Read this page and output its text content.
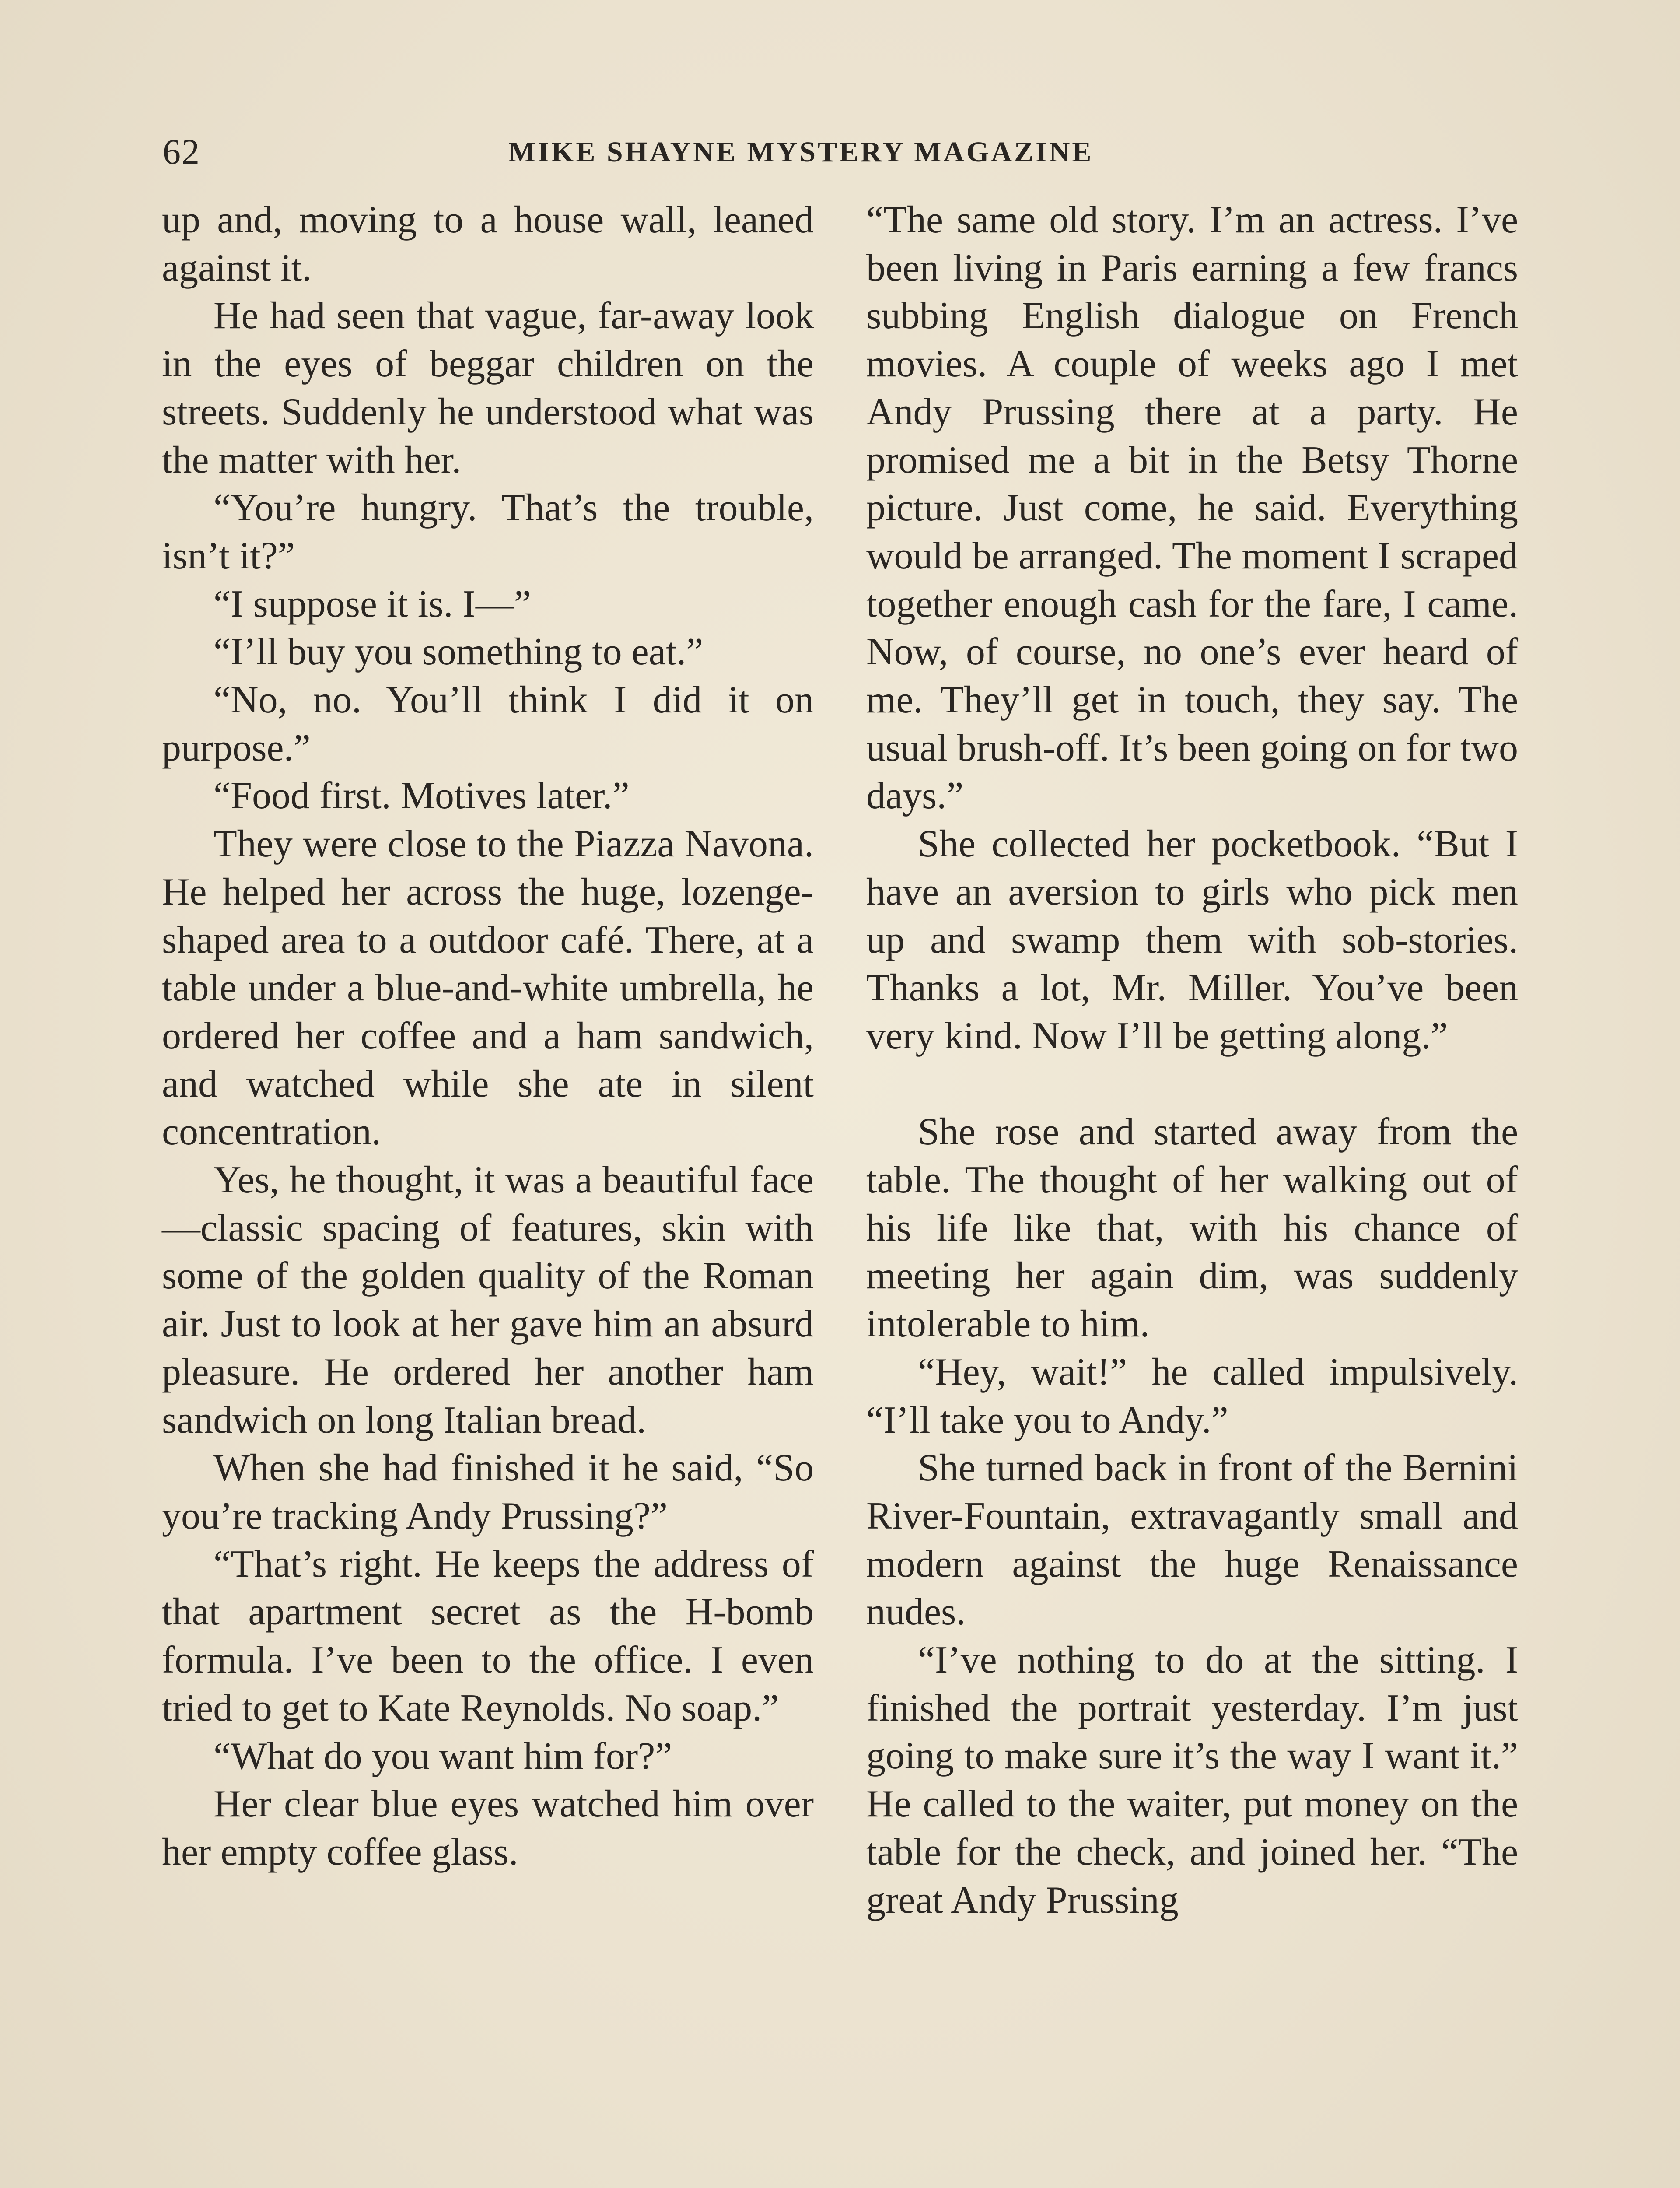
62	MIKE SHAYNE MYSTERY MAGAZINE

up and, moving to a house wall, leaned against it.

He had seen that vague, far-away look in the eyes of beggar children on the streets. Suddenly he understood what was the matter with her.

“You’re hungry. That’s the trouble, isn’t it?”

“I suppose it is. I—”

“I’ll buy you something to eat.”

“No, no. You’ll think I did it on purpose.”

“Food first. Motives later.”

They were close to the Piazza Navona. He helped her across the huge, lozenge-shaped area to a outdoor café. There, at a table under a blue-and-white umbrella, he ordered her coffee and a ham sandwich, and watched while she ate in silent concentration.

Yes, he thought, it was a beautiful face—classic spacing of features, skin with some of the golden quality of the Roman air. Just to look at her gave him an absurd pleasure. He ordered her another ham sandwich on long Italian bread.

When she had finished it he said, “So you’re tracking Andy Prussing?”

“That’s right. He keeps the address of that apartment secret as the H-bomb formula. I’ve been to the office. I even tried to get to Kate Reynolds. No soap.”

“What do you want him for?”

Her clear blue eyes watched him over her empty coffee glass.

“The same old story. I’m an actress. I’ve been living in Paris earning a few francs subbing English dialogue on French movies. A couple of weeks ago I met Andy Prussing there at a party. He promised me a bit in the Betsy Thorne picture. Just come, he said. Everything would be arranged. The moment I scraped together enough cash for the fare, I came. Now, of course, no one’s ever heard of me. They’ll get in touch, they say. The usual brush-off. It’s been going on for two days.”

She collected her pocketbook. “But I have an aversion to girls who pick men up and swamp them with sob-stories. Thanks a lot, Mr. Miller. You’ve been very kind. Now I’ll be getting along.”

She rose and started away from the table. The thought of her walking out of his life like that, with his chance of meeting her again dim, was suddenly intolerable to him.

“Hey, wait!” he called impulsively. “I’ll take you to Andy.”

She turned back in front of the Bernini River-Fountain, extravagantly small and modern against the huge Renaissance nudes.

“I’ve nothing to do at the sitting. I finished the portrait yesterday. I’m just going to make sure it’s the way I want it.” He called to the waiter, put money on the table for the check, and joined her. “The great Andy Prussing
